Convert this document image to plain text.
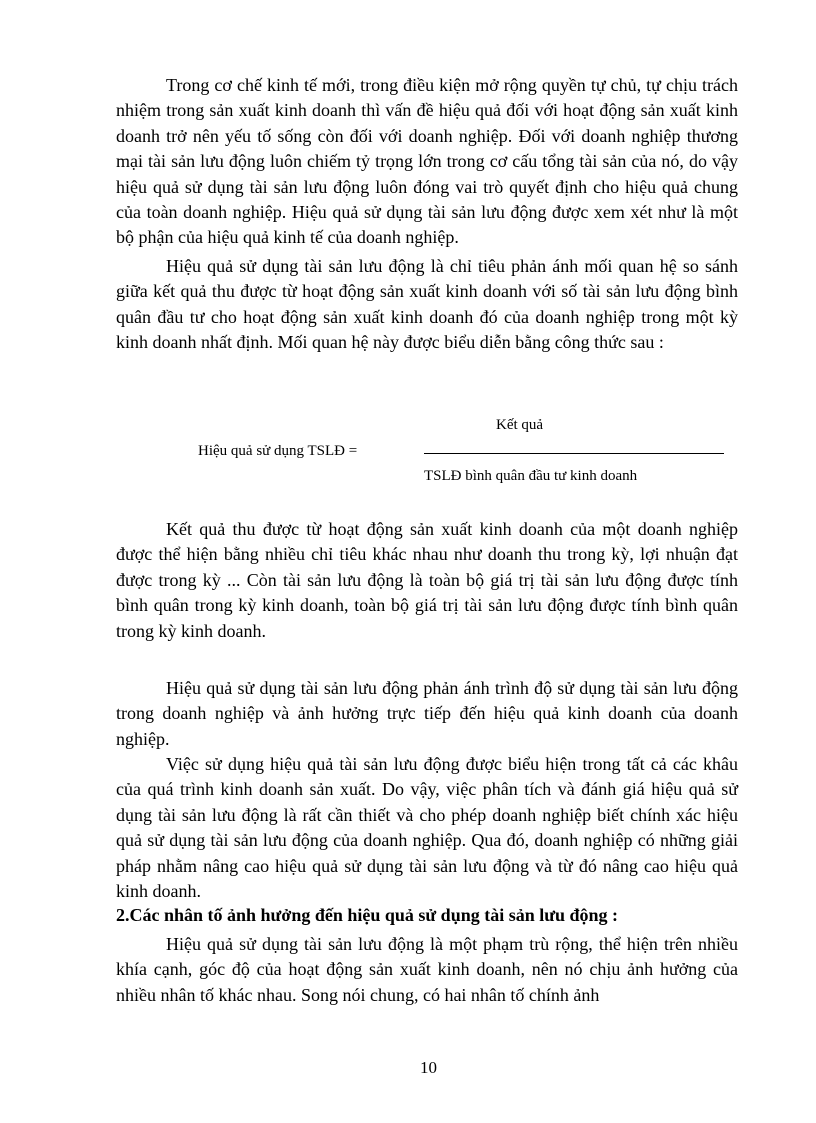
Trong cơ chế kinh tế mới, trong điều kiện mở rộng quyền tự chủ, tự chịu trách nhiệm trong sản xuất kinh doanh thì vấn đề hiệu quả đối với hoạt động sản xuất kinh doanh trở nên yếu tố sống còn đối với doanh nghiệp. Đối với doanh nghiệp thương mại tài sản lưu động luôn chiếm tỷ trọng lớn trong cơ cấu tổng tài sản của nó, do vậy hiệu quả sử dụng tài sản lưu động luôn đóng vai trò quyết định cho hiệu quả chung của toàn doanh nghiệp. Hiệu quả sử dụng tài sản lưu động được xem xét như là một bộ phận của hiệu quả kinh tế của doanh nghiệp.

Hiệu quả sử dụng tài sản lưu động là chỉ tiêu phản ánh mối quan hệ so sánh giữa kết quả thu được từ hoạt động sản xuất kinh doanh với số tài sản lưu động bình quân đầu tư cho hoạt động sản xuất kinh doanh đó của doanh nghiệp trong một kỳ kinh doanh nhất định. Mối quan hệ này được biểu diễn bằng công thức sau :

Hiệu quả sử dụng TSLĐ =
Kết quả
TSLĐ bình quân đầu tư kinh doanh

Kết quả thu được từ hoạt động sản xuất kinh doanh của một doanh nghiệp được thể hiện bằng nhiều chỉ tiêu khác nhau như doanh thu trong kỳ, lợi nhuận đạt được trong kỳ ... Còn tài sản lưu động là toàn bộ giá trị tài sản lưu động được tính bình quân trong kỳ kinh doanh, toàn bộ giá trị tài sản lưu động được tính bình quân trong kỳ kinh doanh.

Hiệu quả sử dụng tài sản lưu động phản ánh trình độ sử dụng tài sản lưu động trong doanh nghiệp và ảnh hưởng trực tiếp đến hiệu quả kinh doanh của doanh nghiệp.

Việc sử dụng hiệu quả tài sản lưu động được biểu hiện trong tất cả các khâu của quá trình kinh doanh sản xuất. Do vậy, việc phân tích và đánh giá hiệu quả sử dụng tài sản lưu động là rất cần thiết và cho phép doanh nghiệp biết chính xác hiệu quả sử dụng tài sản lưu động của doanh nghiệp. Qua đó, doanh nghiệp có những giải pháp nhằm nâng cao hiệu quả sử dụng tài sản lưu động và từ đó nâng cao hiệu quả kinh doanh.

2.Các nhân tố ảnh hưởng đến hiệu quả sử dụng tài sản lưu động :

Hiệu quả sử dụng tài sản lưu động là một phạm trù rộng, thể hiện trên nhiều khía cạnh, góc độ của hoạt động sản xuất kinh doanh, nên nó chịu ảnh hưởng của nhiều nhân tố khác nhau. Song nói chung, có hai nhân tố chính ảnh

10
